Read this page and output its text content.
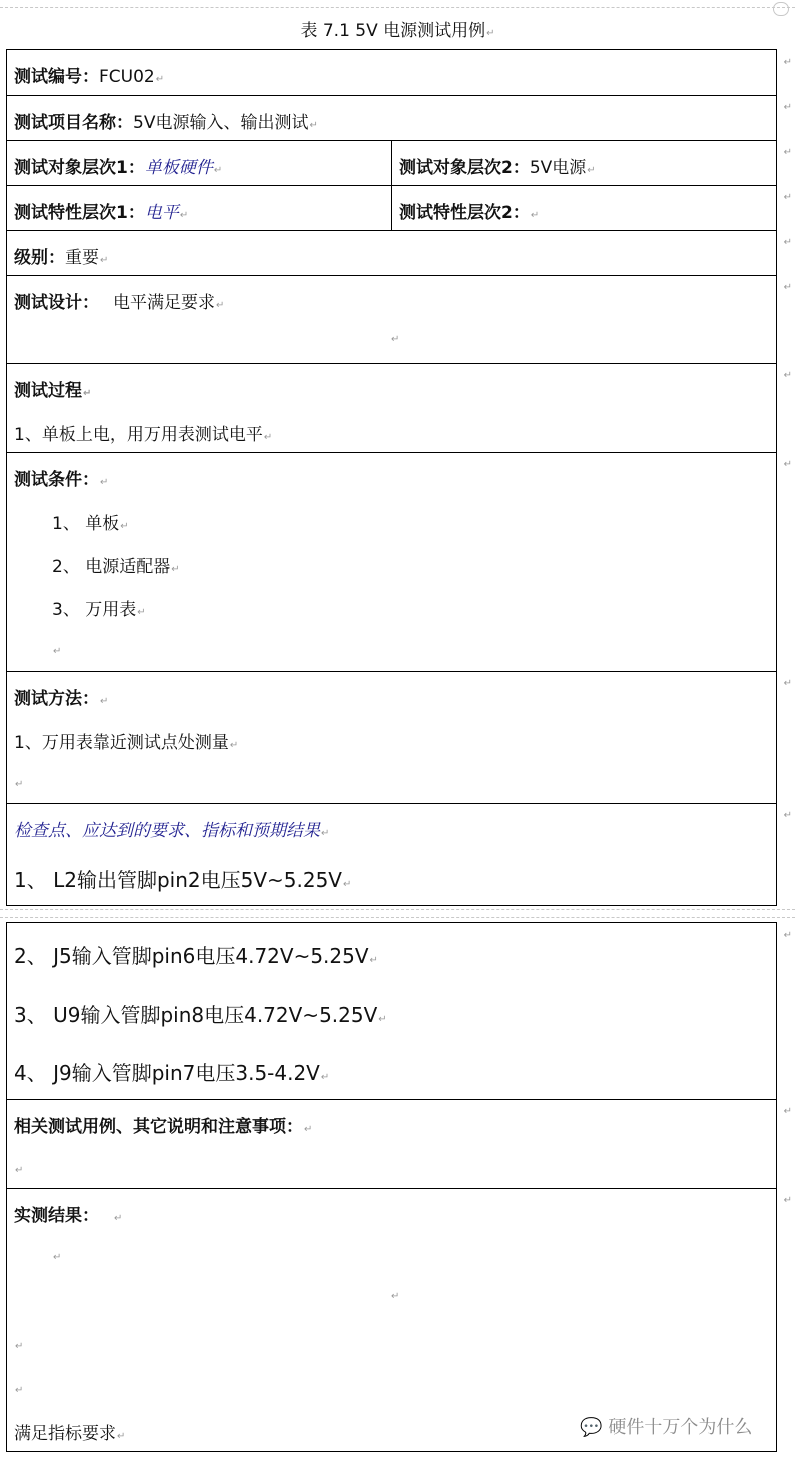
表 7.1 5V 电源测试用例↵
测试编号：FCU02↵
测试项目名称：5V电源输入、输出测试↵
测试对象层次1：单板硬件↵	测试对象层次2：5V电源↵
测试特性层次1：电平↵	测试特性层次2：↵
级别：重要↵
测试设计： 电平满足要求↵
↵
测试过程↵
1、单板上电，用万用表测试电平↵
测试条件：↵
1、 单板↵
2、 电源适配器↵
3、 万用表↵
↵
测试方法：↵
1、万用表靠近测试点处测量↵
↵
检查点、应达到的要求、指标和预期结果↵
1、 L2输出管脚pin2电压5V~5.25V↵
↵
↵
↵
↵
↵
↵
↵
↵
↵
↵
2、 J5输入管脚pin6电压4.72V~5.25V↵
3、 U9输入管脚pin8电压4.72V~5.25V↵
4、 J9输入管脚pin7电压3.5-4.2V↵
相关测试用例、其它说明和注意事项：↵
↵
实测结果： ↵
↵
↵
↵
↵
满足指标要求↵
↵
↵
↵
💬 硬件十万个为什么
